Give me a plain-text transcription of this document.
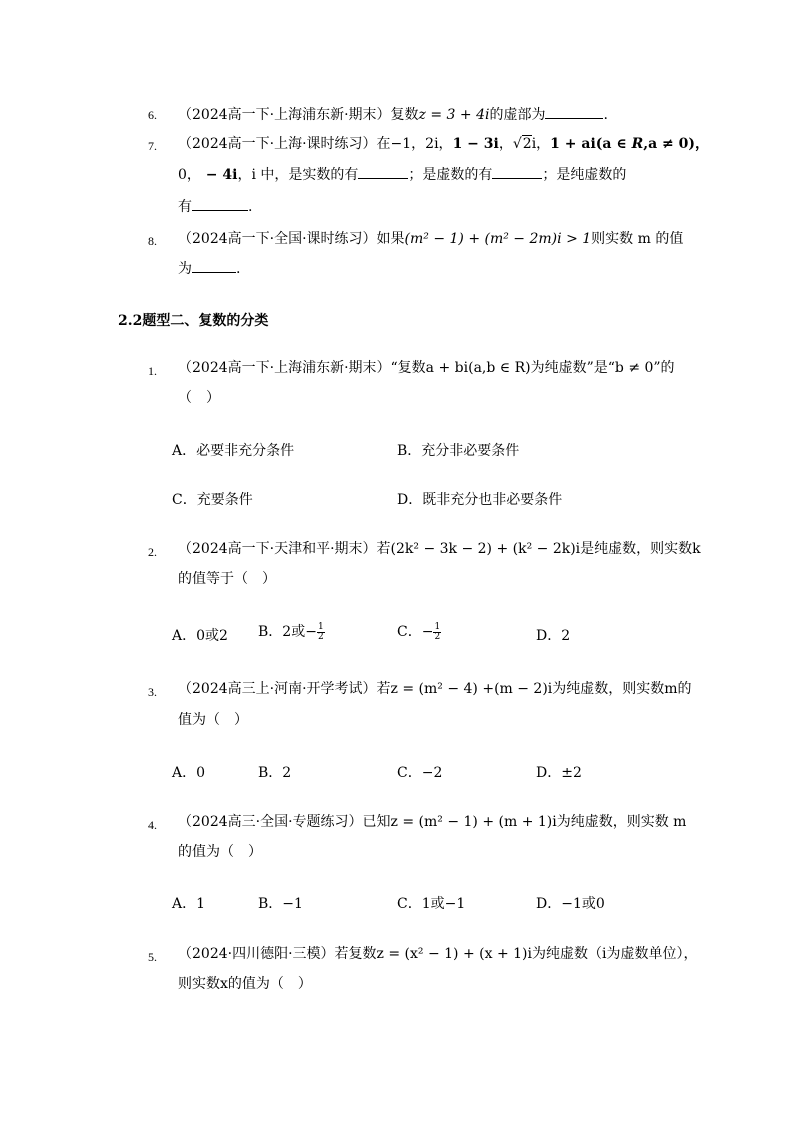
6. （2024高一下·上海浦东新·期末）复数z = 3 + 4i的虚部为	.
7. （2024高一下·上海·课时练习）在−1，2i，1 − 3i，√2i，1 + ai(a ∈ R,a ≠ 0)，
0， − 4i，i 中，是实数的有	；是虚数的有	；是纯虚数的
有	.
8. （2024高一下·全国·课时练习）如果(m² − 1) + (m² − 2m)i > 1则实数 m 的值
为	.
2.2题型二、复数的分类
1. （2024高一下·上海浦东新·期末）“复数a + bi(a,b ∈ R)为纯虚数”是“b ≠ 0”的
（　）
A．必要非充分条件	B．充分非必要条件
C．充要条件	D．既非充分也非必要条件
2. （2024高一下·天津和平·期末）若(2k² − 3k − 2) + (k² − 2k)i是纯虚数，则实数k
的值等于（　）
A．0或2 B．2或− $\frac{1}{2}$	C．− $\frac{1}{2}$	D．2
3. （2024高三上·河南·开学考试）若z = (m² − 4) +(m − 2)i为纯虚数，则实数m的
值为（　）
A．0	B．2	C．−2	D．±2
4. （2024高三·全国·专题练习）已知z = (m² − 1) + (m + 1)i为纯虚数，则实数 m
的值为（　）
A．1	B．−1	C．1或−1	D．−1或0
5. （2024·四川德阳·三模）若复数z = (x² − 1) + (x + 1)i为纯虚数（i为虚数单位），
则实数x的值为（　）
